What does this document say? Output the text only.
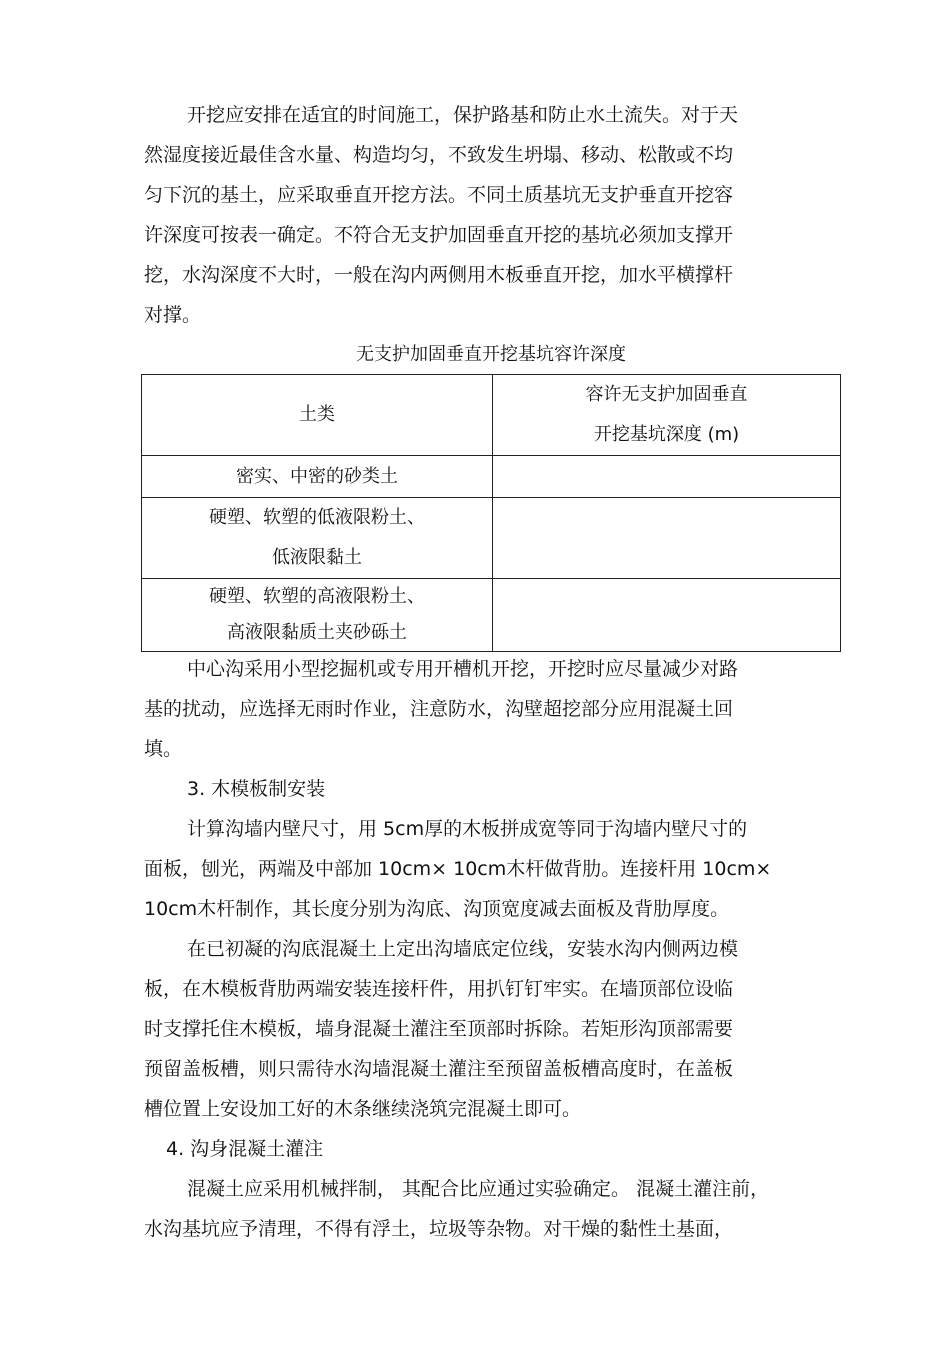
开挖应安排在适宜的时间施工，保护路基和防止水土流失。对于天
然湿度接近最佳含水量、构造均匀，不致发生坍塌、移动、松散或不均
匀下沉的基土，应采取垂直开挖方法。不同土质基坑无支护垂直开挖容
许深度可按表一确定。不符合无支护加固垂直开挖的基坑必须加支撑开
挖，水沟深度不大时，一般在沟内两侧用木板垂直开挖，加水平横撑杆
对撑。
无支护加固垂直开挖基坑容许深度
土类	容许无支护加固垂直
开挖基坑深度 (m)

密实、中密的砂类土	

硬塑、软塑的低液限粉土、
低液限黏土	

硬塑、软塑的高液限粉土、
高液限黏质土夹砂砾土	

中心沟采用小型挖掘机或专用开槽机开挖，开挖时应尽量减少对路
基的扰动，应选择无雨时作业，注意防水，沟壁超挖部分应用混凝土回
填。
3. 木模板制安装
计算沟墙内壁尺寸，用 5cm厚的木板拼成宽等同于沟墙内壁尺寸的
面板，刨光，两端及中部加 10cm× 10cm木杆做背肋。连接杆用 10cm×
10cm木杆制作，其长度分别为沟底、沟顶宽度减去面板及背肋厚度。
在已初凝的沟底混凝土上定出沟墙底定位线，安装水沟内侧两边模
板，在木模板背肋两端安装连接杆件，用扒钉钉牢实。在墙顶部位设临
时支撑托住木模板，墙身混凝土灌注至顶部时拆除。若矩形沟顶部需要
预留盖板槽，则只需待水沟墙混凝土灌注至预留盖板槽高度时，在盖板
槽位置上安设加工好的木条继续浇筑完混凝土即可。
4. 沟身混凝土灌注
混凝土应采用机械拌制， 其配合比应通过实验确定。 混凝土灌注前，
水沟基坑应予清理，不得有浮土，垃圾等杂物。对干燥的黏性土基面，
